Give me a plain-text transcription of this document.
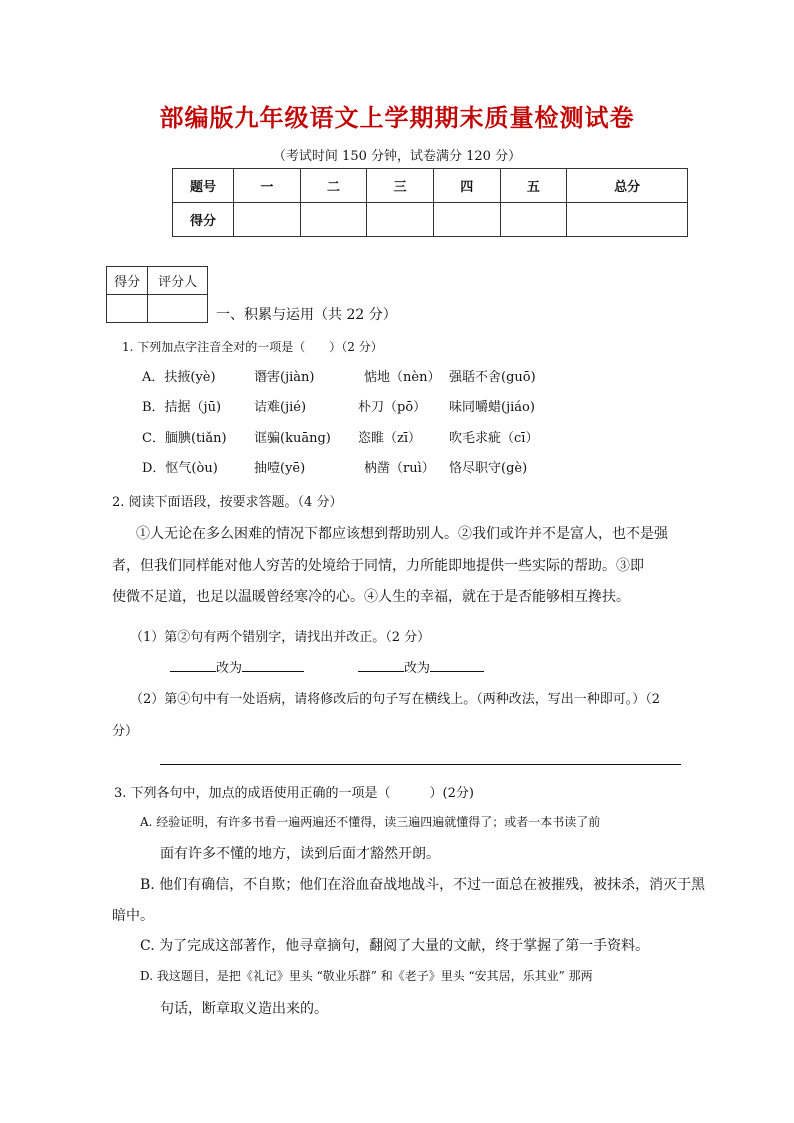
部编版九年级语文上学期期末质量检测试卷
（考试时间 150 分钟，试卷满分 120 分）
题号	一	二	三	四	五	总分
得分						
得分	评分人

一、积累与运用（共 22 分）
1. 下列加点字注音全对的一项是（　　）（2 分）
A．扶掖(yè)	谮害(jiàn)	惦地（nèn） 强聒不舍(guō)
B．拮据（jū)	诘难(jié)	朴刀（pō） 味同嚼蜡(jiáo)
C．腼腆(tiǎn) 诓骗(kuāng) 恣睢（zī） 吹毛求疵（cī）
D．怄气(òu)	抽噎(yē)	枘凿（ruì） 恪尽职守(gè)
2. 阅读下面语段，按要求答题。（4 分）
①人无论在多么困难的情况下都应该想到帮助别人。②我们或许并不是富人，也不是强
者，但我们同样能对他人穷苦的处境给于同情，力所能即地提供一些实际的帮助。③即
使微不足道，也足以温暖曾经寒冷的心。④人生的幸福，就在于是否能够相互搀扶。
（1）第②句有两个错别字，请找出并改正。（2 分）
改为	改为
（2）第④句中有一处语病，请将修改后的句子写在横线上。（两种改法，写出一种即可。）（2
分）
3. 下列各句中，加点的成语使用正确的一项是（　　　）(2分)
A. 经验证明，有许多书看一遍两遍还不懂得，读三遍四遍就懂得了；或者一本书读了前
面有许多不懂的地方，读到后面才豁然开朗。
B. 他们有确信，不自欺；他们在浴血奋战地战斗，不过一面总在被摧残，被抹杀，消灭于黑
暗中。
C. 为了完成这部著作，他寻章摘句，翻阅了大量的文献，终于掌握了第一手资料。
D. 我这题目，是把《礼记》里头 “敬业乐群” 和《老子》里头 “安其居，乐其业” 那两
句话，断章取义造出来的。
